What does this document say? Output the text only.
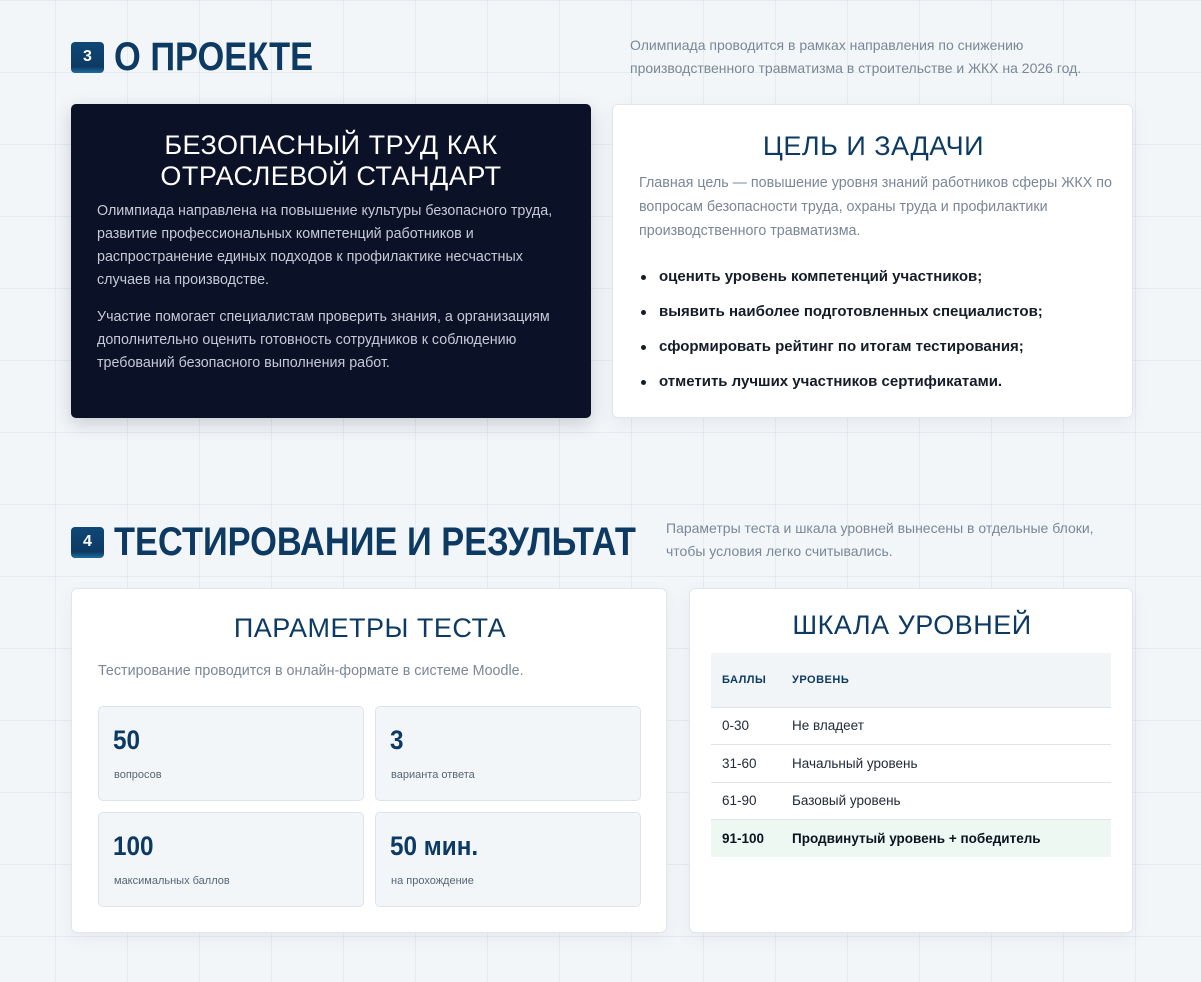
3 О ПРОЕКТЕ	Олимпиада проводится в рамках направления по снижению производственного травматизма в строительстве и ЖКХ на 2026 год.
БЕЗОПАСНЫЙ ТРУД КАК ОТРАСЛЕВОЙ СТАНДАРТ

Олимпиада направлена на повышение культуры безопасного труда, развитие профессиональных компетенций работников и распространение единых подходов к профилактике несчастных случаев на производстве.

Участие помогает специалистам проверить знания, а организациям дополнительно оценить готовность сотрудников к соблюдению требований безопасного выполнения работ.

ЦЕЛЬ И ЗАДАЧИ

Главная цель — повышение уровня знаний работников сферы ЖКХ по вопросам безопасности труда, охраны труда и профилактики производственного травматизма.

оценить уровень компетенций участников;
выявить наиболее подготовленных специалистов;
сформировать рейтинг по итогам тестирования;
отметить лучших участников сертификатами.
4 ТЕСТИРОВАНИЕ И РЕЗУЛЬТАТ Параметры теста и шкала уровней вынесены в отдельные блоки, чтобы условия легко считывались.
ПАРАМЕТРЫ ТЕСТА

Тестирование проводится в онлайн-формате в системе Moodle.

50
вопросов
3
варианта ответа
100
максимальных баллов
50 мин.
на прохождение
ШКАЛА УРОВНЕЙ
БАЛЛЫ	УРОВЕНЬ
0-30	Не владеет
31-60	Начальный уровень
61-90	Базовый уровень
91-100	Продвинутый уровень + победитель
